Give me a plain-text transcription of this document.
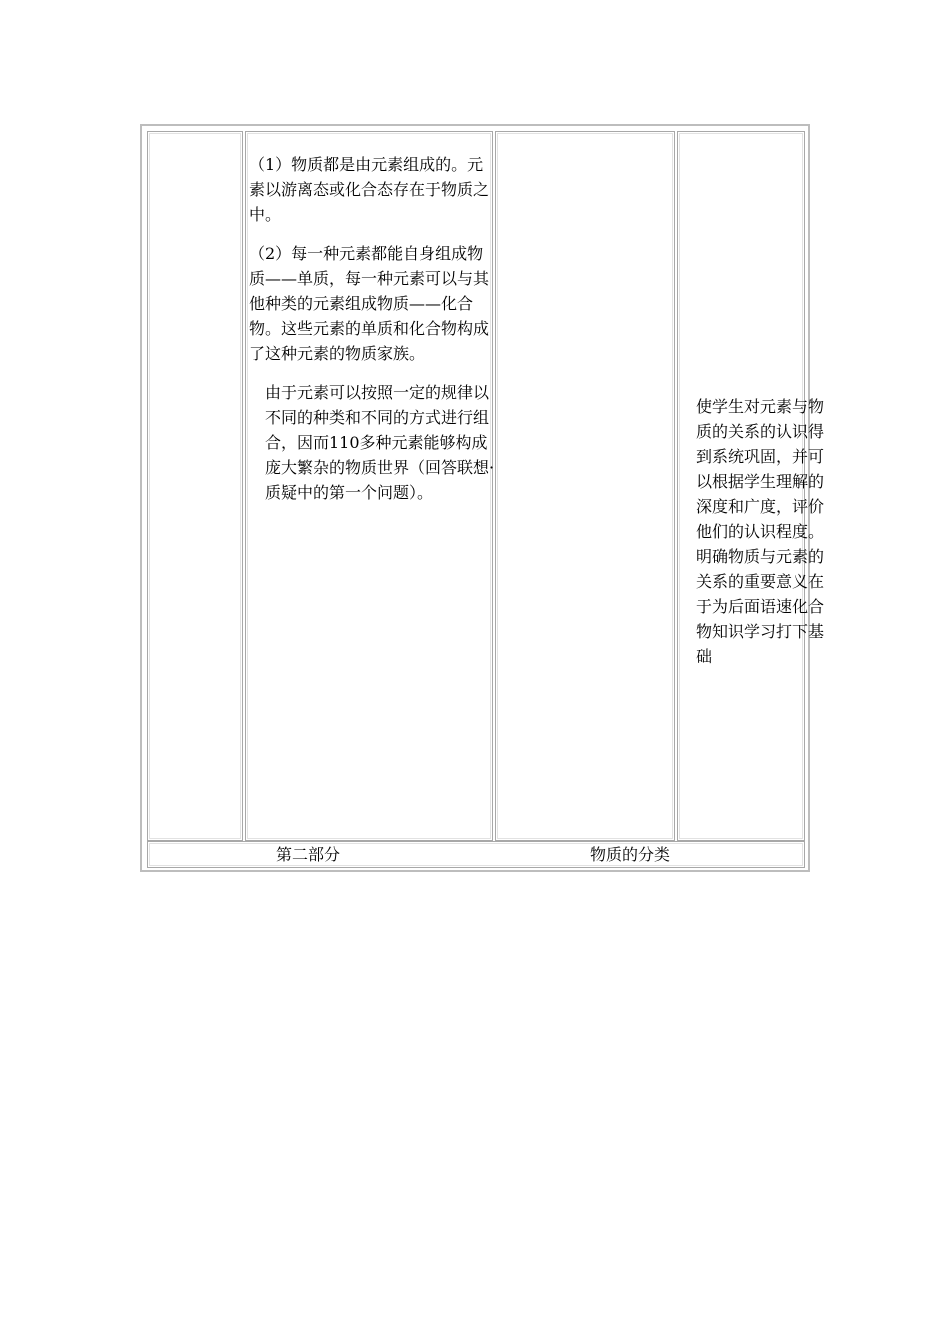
（1）物质都是由元素组成的。元素以游离态或化合态存在于物质之中。

（2）每一种元素都能自身组成物质——单质，每一种元素可以与其他种类的元素组成物质——化合物。这些元素的单质和化合物构成了这种元素的物质家族。

由于元素可以按照一定的规律以不同的种类和不同的方式进行组合，因而110多种元素能够构成庞大繁杂的物质世界（回答联想·质疑中的第一个问题）。

使学生对元素与物质的关系的认识得到系统巩固，并可以根据学生理解的深度和广度，评价他们的认识程度。明确物质与元素的关系的重要意义在于为后面语速化合物知识学习打下基础
第二部分	物质的分类
